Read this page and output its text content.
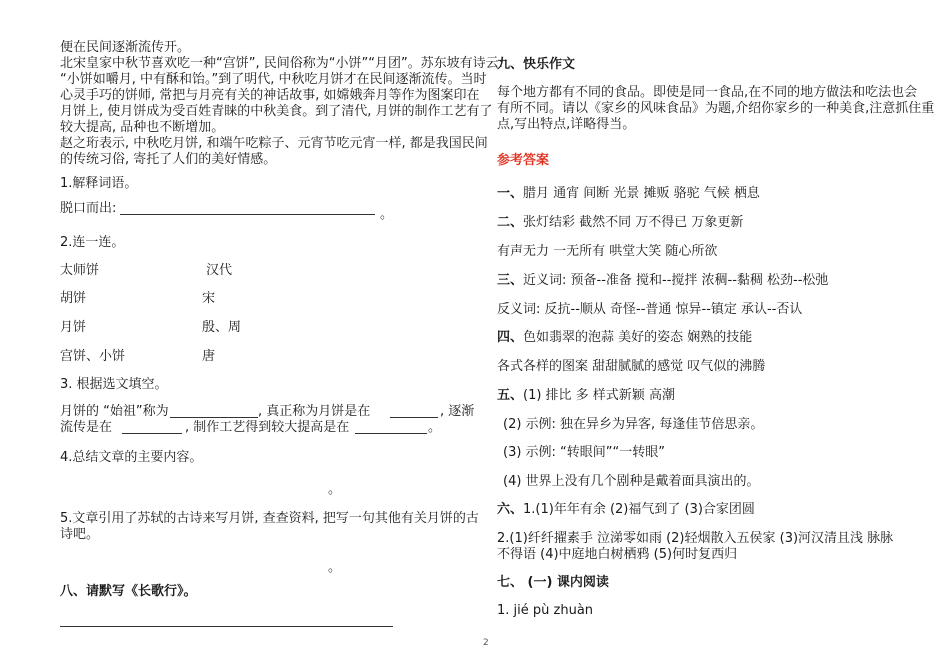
便在民间逐渐流传开。
北宋皇家中秋节喜欢吃一种“宫饼”, 民间俗称为“小饼”“月团”。苏东坡有诗云:
“小饼如嚼月, 中有酥和饴。”到了明代, 中秋吃月饼才在民间逐渐流传。当时
心灵手巧的饼师, 常把与月亮有关的神话故事, 如嫦娥奔月等作为图案印在
月饼上, 使月饼成为受百姓青睐的中秋美食。到了清代, 月饼的制作工艺有了
较大提高, 品种也不断增加。
赵之珩表示, 中秋吃月饼, 和端午吃粽子、元宵节吃元宵一样, 都是我国民间
的传统习俗, 寄托了人们的美好情感。
1.解释词语。
脱口而出:	。
2.连一连。
太师饼	汉代
胡饼	宋
月饼	殷、周
宫饼、小饼	唐
3. 根据选文填空。
月饼的 “始祖”称为	, 真正称为月饼是在	, 逐渐
流传是在	, 制作工艺得到较大提高是在	。
4.总结文章的主要内容。
。
5.文章引用了苏轼的古诗来写月饼, 查查资料, 把写一句其他有关月饼的古
诗吧。
。
八、请默写《长歌行》。
九、快乐作文
每个地方都有不同的食品。即使是同一食品,在不同的地方做法和吃法也会
有所不同。请以《家乡的风味食品》为题,介绍你家乡的一种美食,注意抓住重
点,写出特点,详略得当。
参考答案
一、 腊月 通宵 间断 光景 摊贩 骆驼 气候 栖息
二、 张灯结彩 截然不同 万不得已 万象更新
有声无力 一无所有 哄堂大笑 随心所欲
三、 近义词: 预备--准备 搅和--搅拌 浓稠--黏稠 松劲--松弛
反义词: 反抗--顺从 奇怪--普通 惊异--镇定 承认--否认
四、 色如翡翠的泡蒜 美好的姿态 娴熟的技能
各式各样的图案 甜甜腻腻的感觉 叹气似的沸腾
五、 (1) 排比 多 样式新颖 高潮
(2) 示例: 独在异乡为异客, 每逢佳节倍思亲。
(3) 示例: “转眼间”“一转眼”
(4) 世界上没有几个剧种是戴着面具演出的。
六、 1.(1)年年有余 (2)福气到了 (3)合家团圆
2.(1)纤纤擢素手 泣涕零如雨 (2)轻烟散入五侯家 (3)河汉清且浅 脉脉
不得语 (4)中庭地白树栖鸦 (5)何时复西归
七、 (一) 课内阅读
1. jié pù zhuàn
2
